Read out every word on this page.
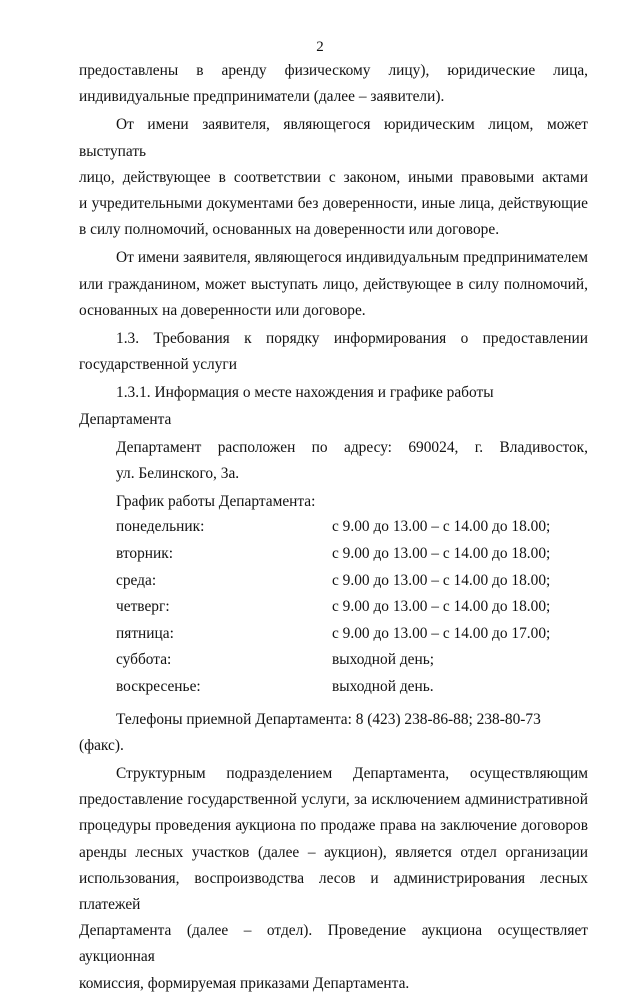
2

предоставлены в аренду физическому лицу), юридические лица,
индивидуальные предприниматели (далее – заявители).

От имени заявителя, являющегося юридическим лицом, может выступать
лицо, действующее в соответствии с законом, иными правовыми актами
и учредительными документами без доверенности, иные лица, действующие
в силу полномочий, основанных на доверенности или договоре.

От имени заявителя, являющегося индивидуальным предпринимателем
или гражданином, может выступать лицо, действующее в силу полномочий,
основанных на доверенности или договоре.

1.3. Требования к порядку информирования о предоставлении
государственной услуги

1.3.1. Информация о месте нахождения и графике работы Департамента

Департамент расположен по адресу: 690024, г. Владивосток,
ул. Белинского, 3а.

График работы Департамента:

понедельник:	с 9.00 до 13.00 – с 14.00 до 18.00;
вторник:	с 9.00 до 13.00 – с 14.00 до 18.00;
среда:	с 9.00 до 13.00 – с 14.00 до 18.00;
четверг:	с 9.00 до 13.00 – с 14.00 до 18.00;
пятница:	с 9.00 до 13.00 – с 14.00 до 17.00;
суббота:	выходной день;
воскресенье:	выходной день.

Телефоны приемной Департамента: 8 (423) 238-86-88; 238-80-73 (факс).

Структурным подразделением Департамента, осуществляющим
предоставление государственной услуги, за исключением административной
процедуры проведения аукциона по продаже права на заключение договоров
аренды лесных участков (далее – аукцион), является отдел организации
использования, воспроизводства лесов и администрирования лесных платежей
Департамента (далее – отдел). Проведение аукциона осуществляет аукционная
комиссия, формируемая приказами Департамента.
